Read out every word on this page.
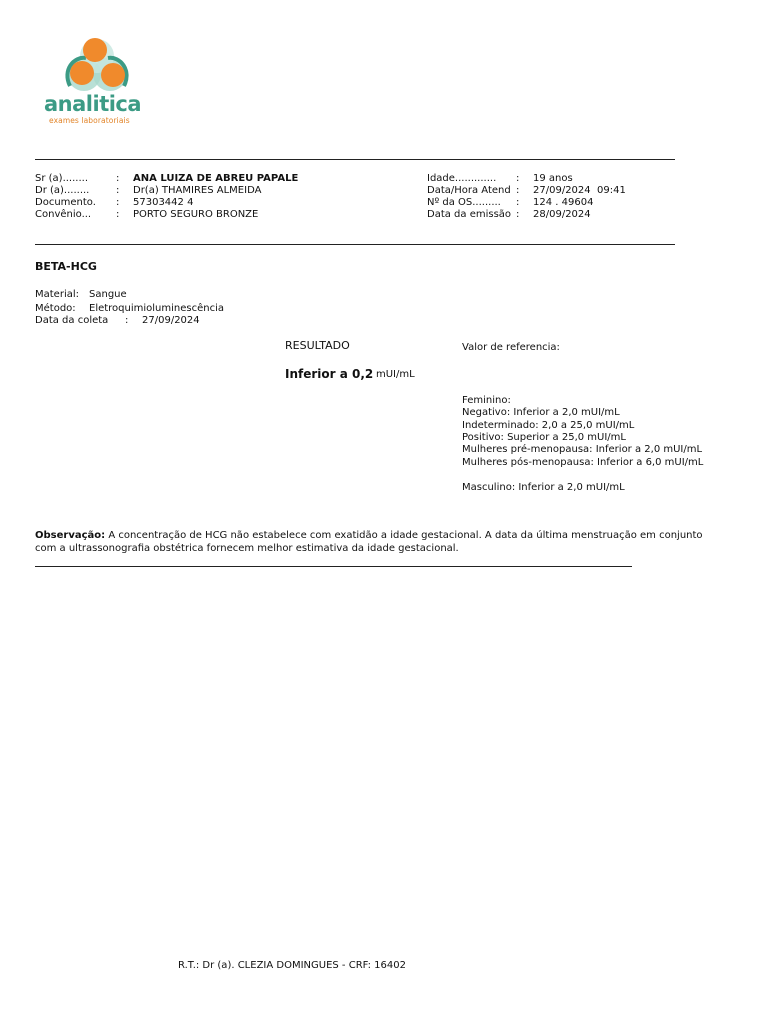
analitica
exames laboratoriais
Sr (a)........	: ANA LUIZA DE ABREU PAPALE
Dr (a)........	: Dr(a) THAMIRES ALMEIDA
Documento. : 57303442 4
Convênio... : PORTO SEGURO BRONZE
Idade............. : 19 anos
Data/Hora Atend : 27/09/2024  09:41
Nº da OS......... : 124 . 49604
Data da emissão : 28/09/2024
BETA-HCG
Material: Sangue
Método: Eletroquimioluminescência
Data da coleta : 27/09/2024
RESULTADO
Inferior a 0,2 mUI/mL
Valor de referencia:
Feminino:
Negativo: Inferior a 2,0 mUI/mL
Indeterminado: 2,0 a 25,0 mUI/mL
Positivo: Superior a 25,0 mUI/mL
Mulheres pré-menopausa: Inferior a 2,0 mUI/mL
Mulheres pós-menopausa: Inferior a 6,0 mUI/mL
Masculino: Inferior a 2,0 mUI/mL
Observação: A concentração de HCG não estabelece com exatidão a idade gestacional. A data da última menstruação em conjunto com a ultrassonografia obstétrica fornecem melhor estimativa da idade gestacional.
R.T.: Dr (a). CLEZIA DOMINGUES - CRF: 16402
